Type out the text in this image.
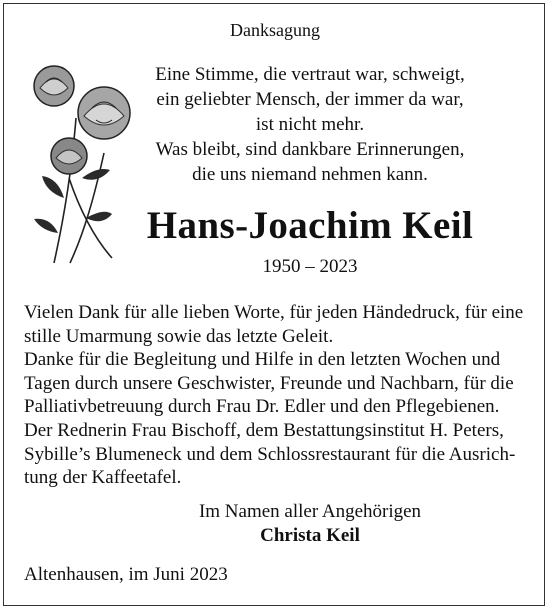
Danksagung
Eine Stimme, die vertraut war, schweigt,
ein geliebter Mensch, der immer da war,
ist nicht mehr.
Was bleibt, sind dankbare Erinnerungen,
die uns niemand nehmen kann.
Hans-Joachim Keil
1950 – 2023
Vielen Dank für alle lieben Worte, für jeden Händedruck, für eine
stille Umarmung sowie das letzte Geleit.
Danke für die Begleitung und Hilfe in den letzten Wochen und
Tagen durch unsere Geschwister, Freunde und Nachbarn, für die
Palliativbetreuung durch Frau Dr. Edler und den Pflegebienen.
Der Rednerin Frau Bischoff, dem Bestattungsinstitut H. Peters,
Sybille’s Blumeneck und dem Schlossrestaurant für die Ausrich-
tung der Kaffeetafel.
Im Namen aller Angehörigen
Christa Keil
Altenhausen, im Juni 2023
